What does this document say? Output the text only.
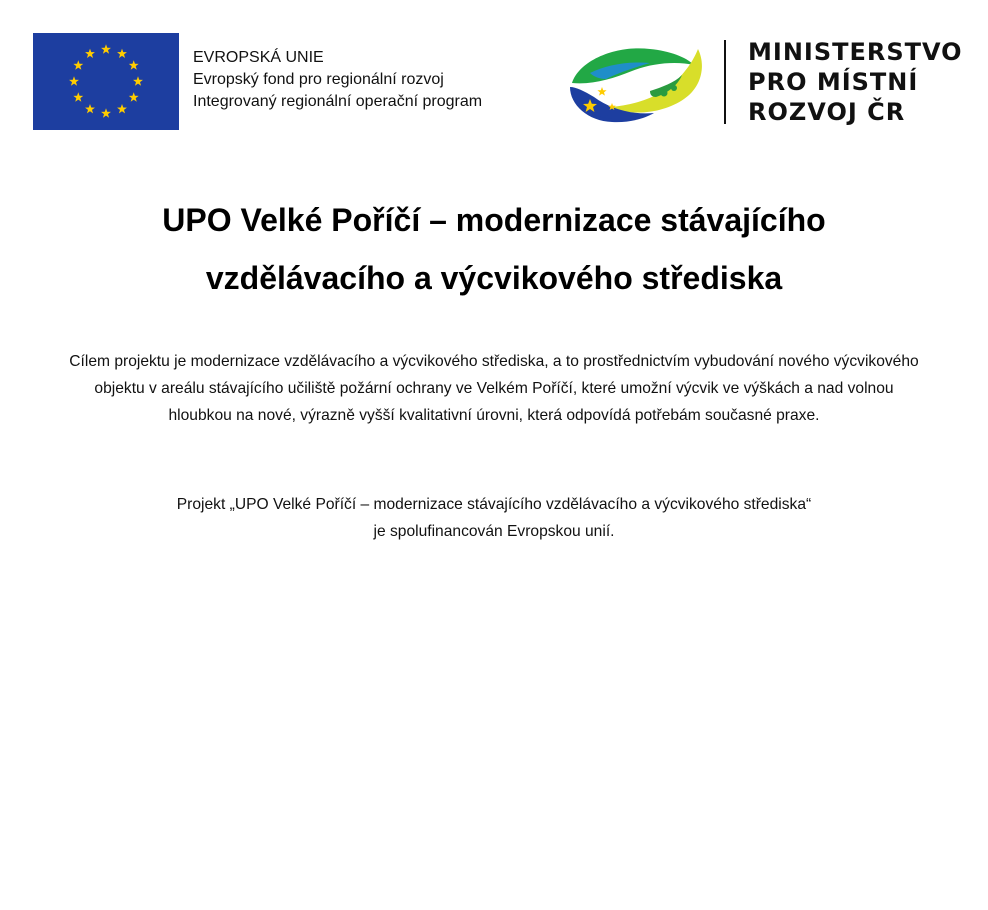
EVROPSKÁ UNIE
Evropský fond pro regionální rozvoj
Integrovaný regionální operační program
MINISTERSTVO
PRO MÍSTNÍ
ROZVOJ ČR
UPO Velké Poříčí – modernizace stávajícího
vzdělávacího a výcvikového střediska
Cílem projektu je modernizace vzdělávacího a výcvikového střediska, a to prostřednictvím vybudování nového výcvikového
objektu v areálu stávajícího učiliště požární ochrany ve Velkém Poříčí, které umožní výcvik ve výškách a nad volnou
hloubkou na nové, výrazně vyšší kvalitativní úrovni, která odpovídá potřebám současné praxe.
Projekt „UPO Velké Poříčí – modernizace stávajícího vzdělávacího a výcvikového střediska“
je spolufinancován Evropskou unií.
